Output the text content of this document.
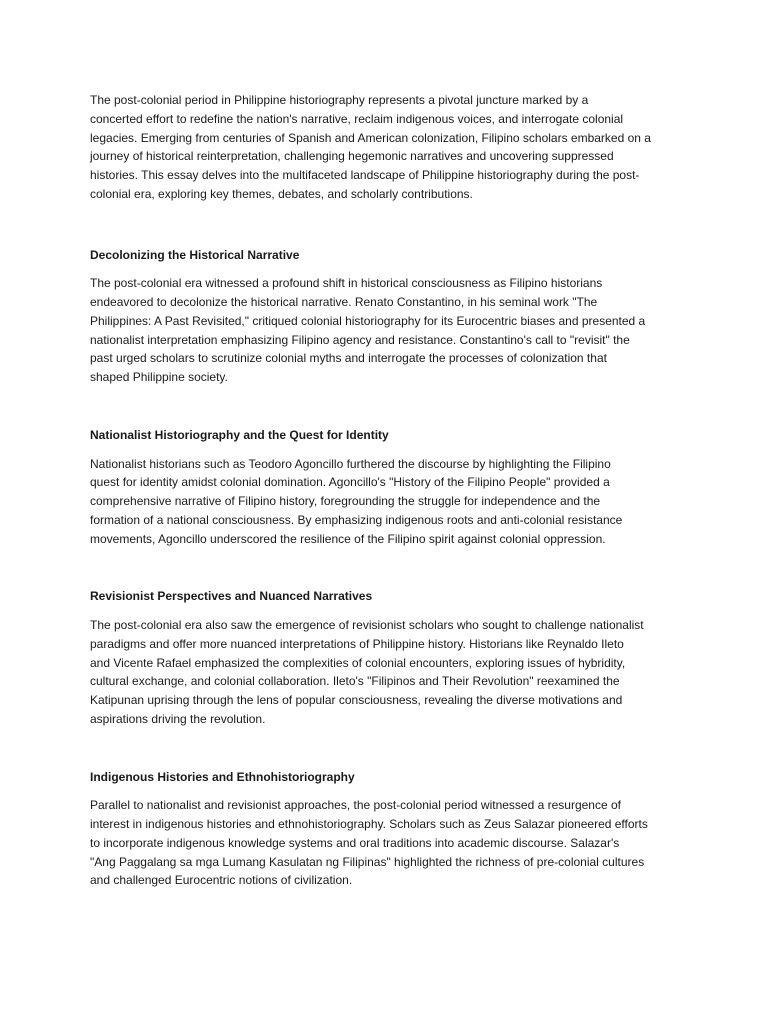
The post-colonial period in Philippine historiography represents a pivotal juncture marked by a
concerted effort to redefine the nation's narrative, reclaim indigenous voices, and interrogate colonial
legacies. Emerging from centuries of Spanish and American colonization, Filipino scholars embarked on a
journey of historical reinterpretation, challenging hegemonic narratives and uncovering suppressed
histories. This essay delves into the multifaceted landscape of Philippine historiography during the post-
colonial era, exploring key themes, debates, and scholarly contributions.
Decolonizing the Historical Narrative
The post-colonial era witnessed a profound shift in historical consciousness as Filipino historians
endeavored to decolonize the historical narrative. Renato Constantino, in his seminal work "The
Philippines: A Past Revisited," critiqued colonial historiography for its Eurocentric biases and presented a
nationalist interpretation emphasizing Filipino agency and resistance. Constantino's call to "revisit" the
past urged scholars to scrutinize colonial myths and interrogate the processes of colonization that
shaped Philippine society.
Nationalist Historiography and the Quest for Identity
Nationalist historians such as Teodoro Agoncillo furthered the discourse by highlighting the Filipino
quest for identity amidst colonial domination. Agoncillo's "History of the Filipino People" provided a
comprehensive narrative of Filipino history, foregrounding the struggle for independence and the
formation of a national consciousness. By emphasizing indigenous roots and anti-colonial resistance
movements, Agoncillo underscored the resilience of the Filipino spirit against colonial oppression.
Revisionist Perspectives and Nuanced Narratives
The post-colonial era also saw the emergence of revisionist scholars who sought to challenge nationalist
paradigms and offer more nuanced interpretations of Philippine history. Historians like Reynaldo Ileto
and Vicente Rafael emphasized the complexities of colonial encounters, exploring issues of hybridity,
cultural exchange, and colonial collaboration. Ileto's "Filipinos and Their Revolution" reexamined the
Katipunan uprising through the lens of popular consciousness, revealing the diverse motivations and
aspirations driving the revolution.
Indigenous Histories and Ethnohistoriography
Parallel to nationalist and revisionist approaches, the post-colonial period witnessed a resurgence of
interest in indigenous histories and ethnohistoriography. Scholars such as Zeus Salazar pioneered efforts
to incorporate indigenous knowledge systems and oral traditions into academic discourse. Salazar's
"Ang Paggalang sa mga Lumang Kasulatan ng Filipinas" highlighted the richness of pre-colonial cultures
and challenged Eurocentric notions of civilization.
